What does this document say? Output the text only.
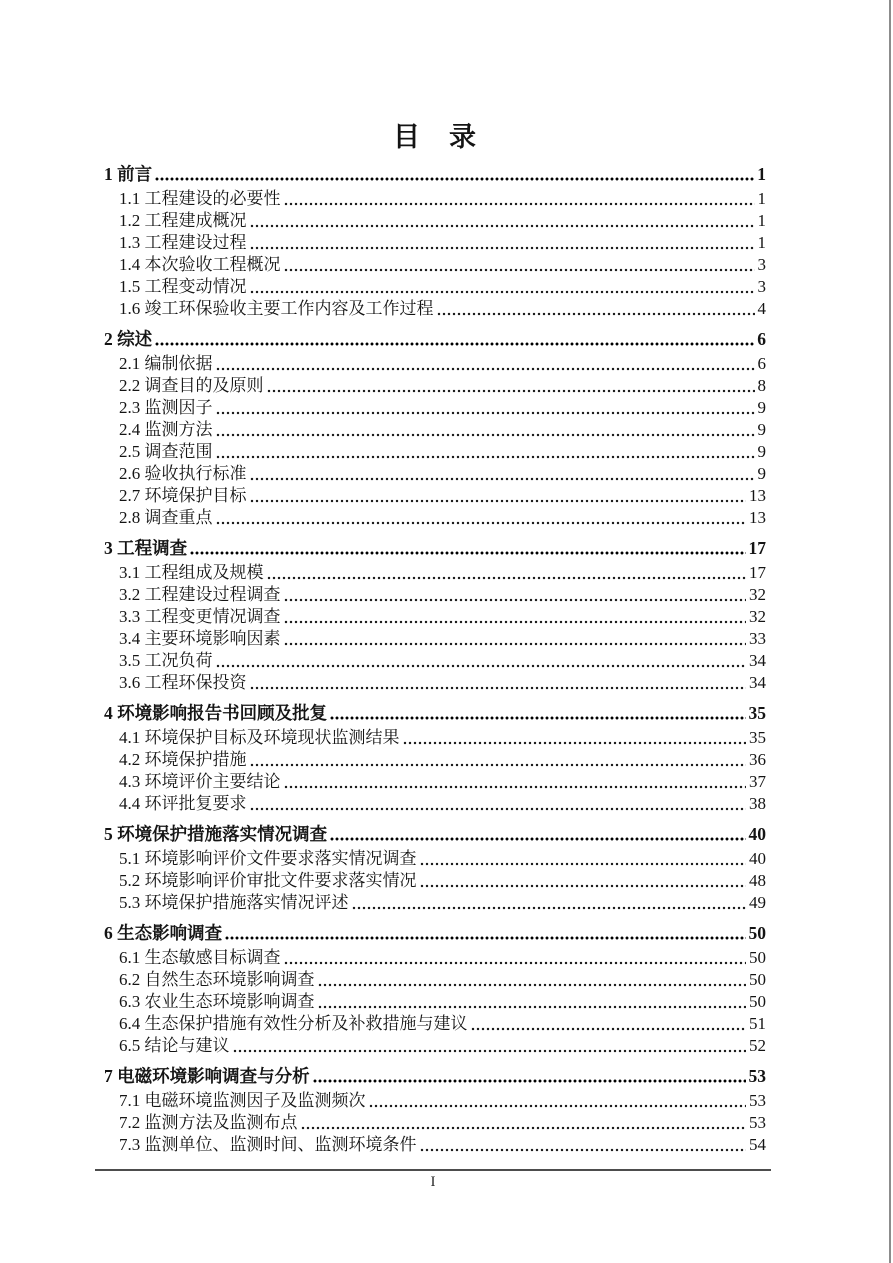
目　录
1 前言	1
1.1 工程建设的必要性	1
1.2 工程建成概况	1
1.3 工程建设过程	1
1.4 本次验收工程概况	3
1.5 工程变动情况	3
1.6 竣工环保验收主要工作内容及工作过程	4
2 综述	6
2.1 编制依据	6
2.2 调查目的及原则	8
2.3 监测因子	9
2.4 监测方法	9
2.5 调查范围	9
2.6 验收执行标准	9
2.7 环境保护目标	13
2.8 调查重点	13
3 工程调查	17
3.1 工程组成及规模	17
3.2 工程建设过程调查	32
3.3 工程变更情况调查	32
3.4 主要环境影响因素	33
3.5 工况负荷	34
3.6 工程环保投资	34
4 环境影响报告书回顾及批复	35
4.1 环境保护目标及环境现状监测结果	35
4.2 环境保护措施	36
4.3 环境评价主要结论	37
4.4 环评批复要求	38
5 环境保护措施落实情况调查	40
5.1 环境影响评价文件要求落实情况调查	40
5.2 环境影响评价审批文件要求落实情况	48
5.3 环境保护措施落实情况评述	49
6 生态影响调查	50
6.1 生态敏感目标调查	50
6.2 自然生态环境影响调查	50
6.3 农业生态环境影响调查	50
6.4 生态保护措施有效性分析及补救措施与建议	51
6.5 结论与建议	52
7 电磁环境影响调查与分析	53
7.1 电磁环境监测因子及监测频次	53
7.2 监测方法及监测布点	53
7.3 监测单位、监测时间、监测环境条件	54
I
